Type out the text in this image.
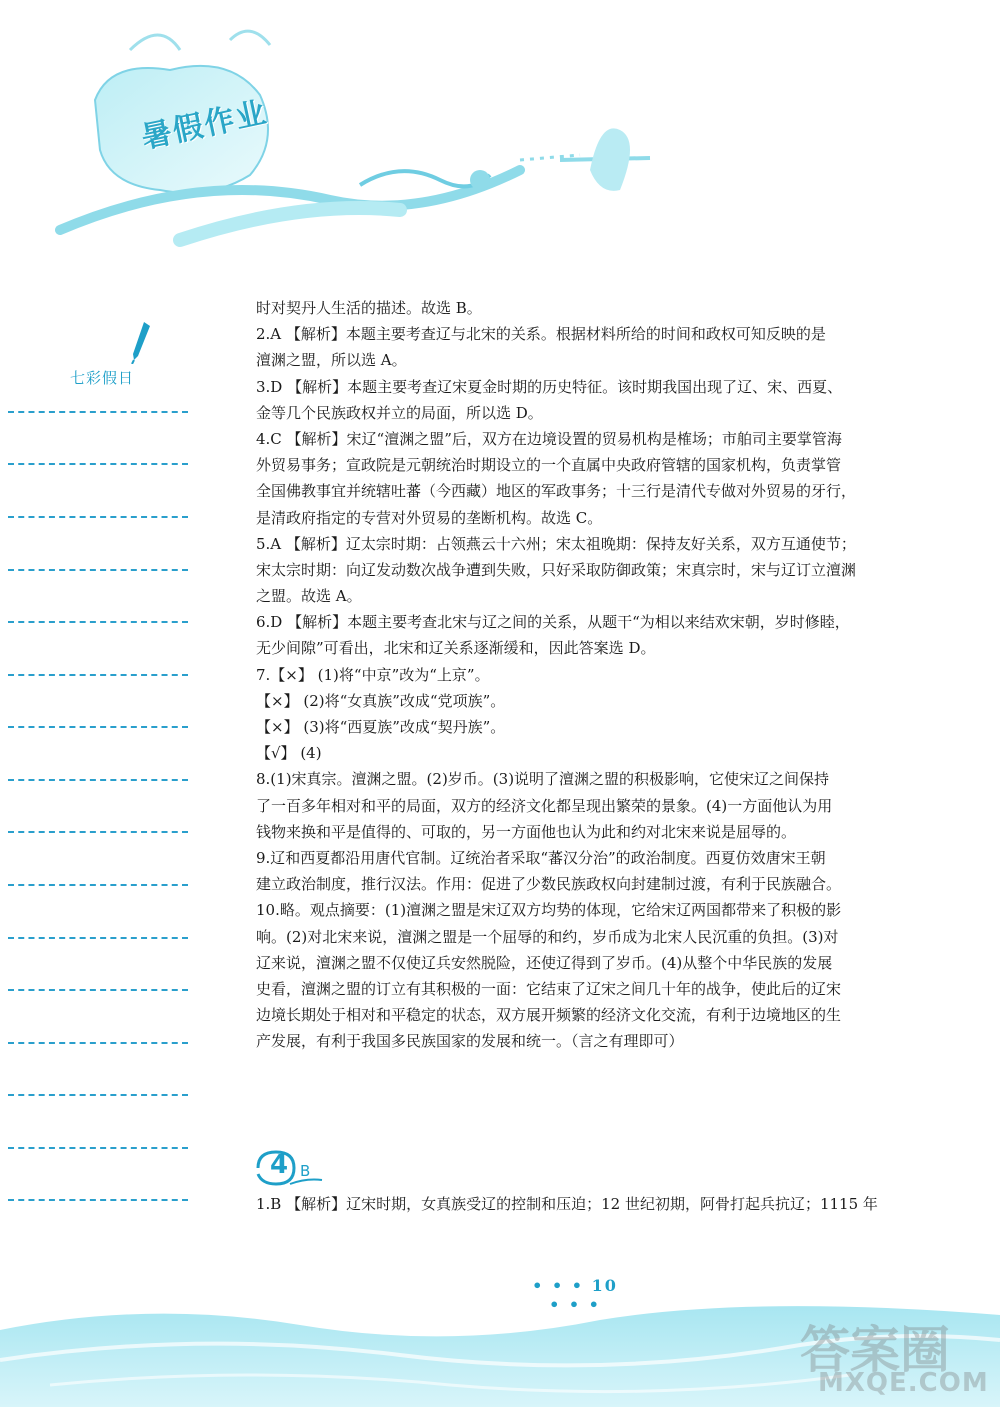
暑假作业
七彩假日
时对契丹人生活的描述。故选 B。
2.A 【解析】本题主要考查辽与北宋的关系。根据材料所给的时间和政权可知反映的是
澶渊之盟，所以选 A。
3.D 【解析】本题主要考查辽宋夏金时期的历史特征。该时期我国出现了辽、宋、西夏、
金等几个民族政权并立的局面，所以选 D。
4.C 【解析】宋辽“澶渊之盟”后，双方在边境设置的贸易机构是榷场；市舶司主要掌管海
外贸易事务；宣政院是元朝统治时期设立的一个直属中央政府管辖的国家机构，负责掌管
全国佛教事宜并统辖吐蕃（今西藏）地区的军政事务；十三行是清代专做对外贸易的牙行，
是清政府指定的专营对外贸易的垄断机构。故选 C。
5.A 【解析】辽太宗时期：占领燕云十六州；宋太祖晚期：保持友好关系，双方互通使节；
宋太宗时期：向辽发动数次战争遭到失败，只好采取防御政策；宋真宗时，宋与辽订立澶渊
之盟。故选 A。
6.D 【解析】本题主要考查北宋与辽之间的关系，从题干“为相以来结欢宋朝，岁时修睦，
无少间隙”可看出，北宋和辽关系逐渐缓和，因此答案选 D。
7.【×】 (1)将“中京”改为“上京”。
【×】 (2)将“女真族”改成“党项族”。
【×】 (3)将“西夏族”改成“契丹族”。
【√】 (4)
8.(1)宋真宗。澶渊之盟。(2)岁币。(3)说明了澶渊之盟的积极影响，它使宋辽之间保持
了一百多年相对和平的局面，双方的经济文化都呈现出繁荣的景象。(4)一方面他认为用
钱物来换和平是值得的、可取的，另一方面他也认为此和约对北宋来说是屈辱的。
9.辽和西夏都沿用唐代官制。辽统治者采取“蕃汉分治”的政治制度。西夏仿效唐宋王朝
建立政治制度，推行汉法。作用：促进了少数民族政权向封建制过渡，有利于民族融合。
10.略。观点摘要：(1)澶渊之盟是宋辽双方均势的体现，它给宋辽两国都带来了积极的影
响。(2)对北宋来说，澶渊之盟是一个屈辱的和约，岁币成为北宋人民沉重的负担。(3)对
辽来说，澶渊之盟不仅使辽兵安然脱险，还使辽得到了岁币。(4)从整个中华民族的发展
史看，澶渊之盟的订立有其积极的一面：它结束了辽宋之间几十年的战争，使此后的辽宋
边境长期处于相对和平稳定的状态，双方展开频繁的经济文化交流，有利于边境地区的生
产发展，有利于我国多民族国家的发展和统一。（言之有理即可）
4 B
1.B 【解析】辽宋时期，女真族受辽的控制和压迫；12 世纪初期，阿骨打起兵抗辽；1115 年
• • • 10 • • •
答案圈
MXQE.COM
